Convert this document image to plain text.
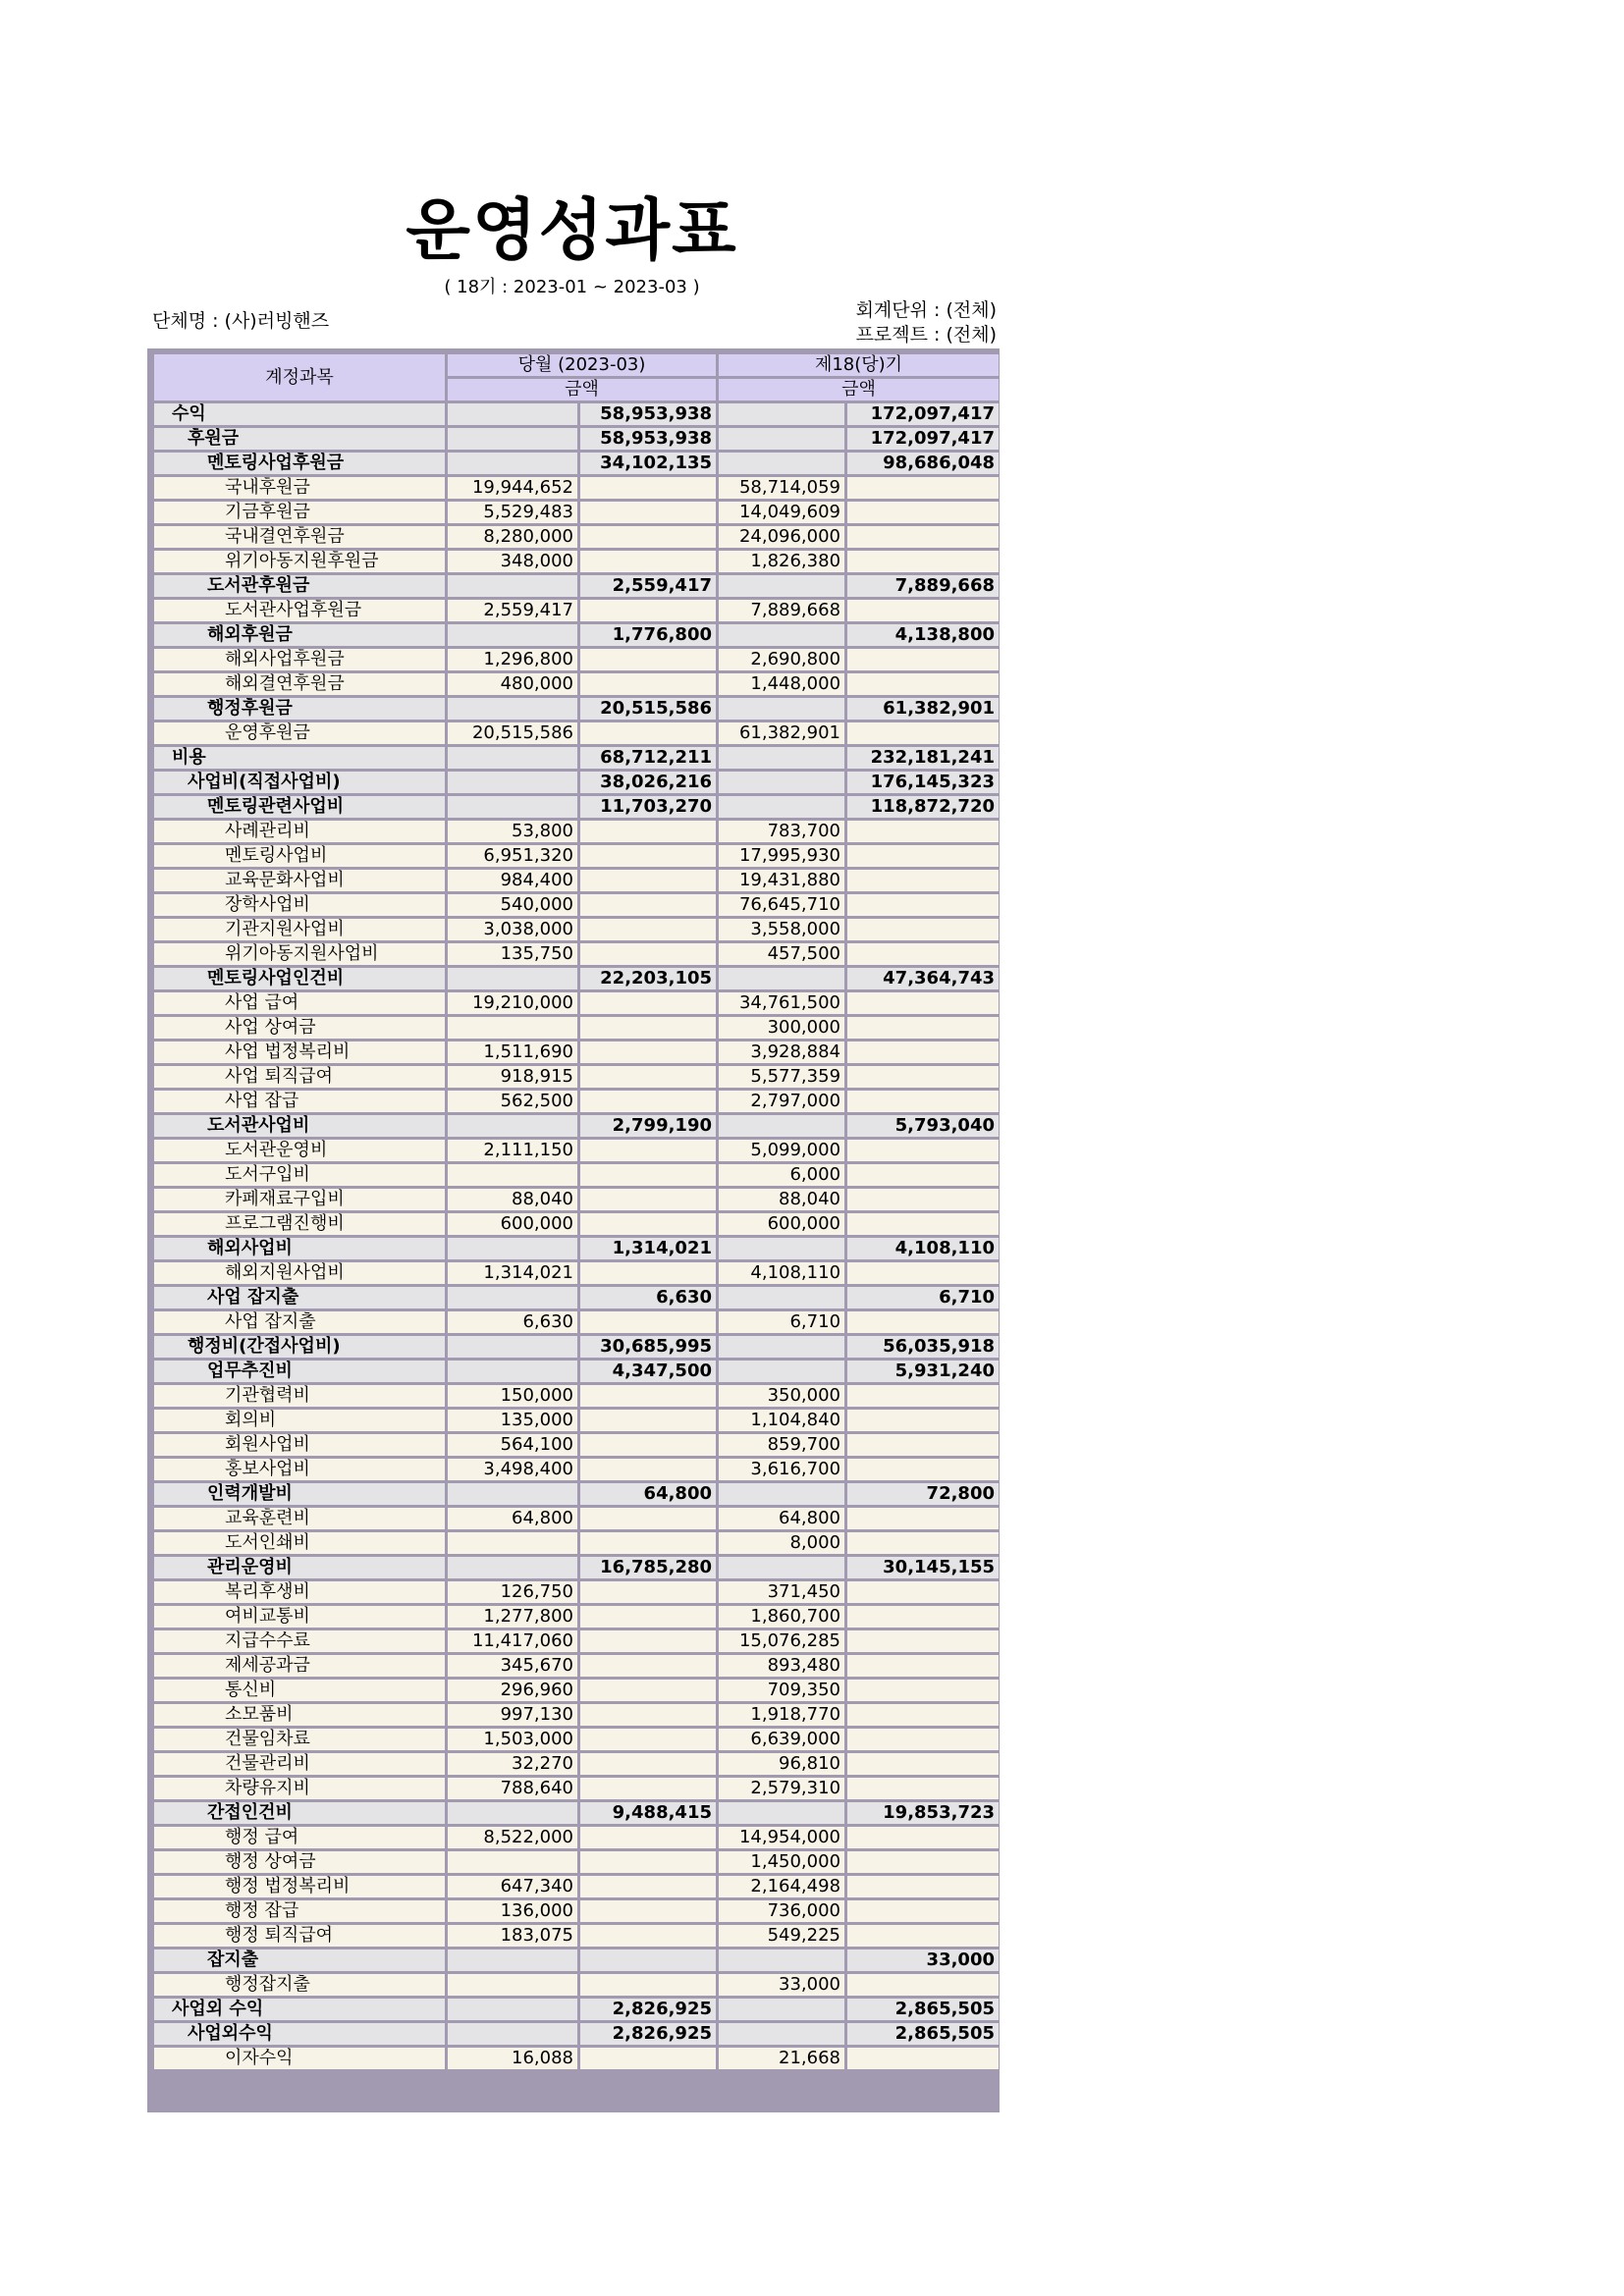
운영성과표
( 18기 : 2023-01 ~ 2023-03 )
단체명 : (사)러빙핸즈	회계단위 : (전체)
프로젝트 : (전체)
계정과목	당월 (2023-03)		제18(당)기	
	금액		금액	
수익		58,953,938		172,097,417
후원금		58,953,938		172,097,417
멘토링사업후원금		34,102,135		98,686,048
국내후원금	19,944,652		58,714,059	
기금후원금	5,529,483		14,049,609	
국내결연후원금	8,280,000		24,096,000	
위기아동지원후원금	348,000		1,826,380	
도서관후원금		2,559,417		7,889,668
도서관사업후원금	2,559,417		7,889,668	
해외후원금		1,776,800		4,138,800
해외사업후원금	1,296,800		2,690,800	
해외결연후원금	480,000		1,448,000	
행정후원금		20,515,586		61,382,901
운영후원금	20,515,586		61,382,901	
비용		68,712,211		232,181,241
사업비(직접사업비)		38,026,216		176,145,323
멘토링관련사업비		11,703,270		118,872,720
사례관리비	53,800		783,700	
멘토링사업비	6,951,320		17,995,930	
교육문화사업비	984,400		19,431,880	
장학사업비	540,000		76,645,710	
기관지원사업비	3,038,000		3,558,000	
위기아동지원사업비	135,750		457,500	
멘토링사업인건비		22,203,105		47,364,743
사업 급여	19,210,000		34,761,500	
사업 상여금			300,000	
사업 법정복리비	1,511,690		3,928,884	
사업 퇴직급여	918,915		5,577,359	
사업 잡급	562,500		2,797,000	
도서관사업비		2,799,190		5,793,040
도서관운영비	2,111,150		5,099,000	
도서구입비			6,000	
카페재료구입비	88,040		88,040	
프로그램진행비	600,000		600,000	
해외사업비		1,314,021		4,108,110
해외지원사업비	1,314,021		4,108,110	
사업 잡지출		6,630		6,710
사업 잡지출	6,630		6,710	
행정비(간접사업비)		30,685,995		56,035,918
업무추진비		4,347,500		5,931,240
기관협력비	150,000		350,000	
회의비	135,000		1,104,840	
회원사업비	564,100		859,700	
홍보사업비	3,498,400		3,616,700	
인력개발비		64,800		72,800
교육훈련비	64,800		64,800	
도서인쇄비			8,000	
관리운영비		16,785,280		30,145,155
복리후생비	126,750		371,450	
여비교통비	1,277,800		1,860,700	
지급수수료	11,417,060		15,076,285	
제세공과금	345,670		893,480	
통신비	296,960		709,350	
소모품비	997,130		1,918,770	
건물임차료	1,503,000		6,639,000	
건물관리비	32,270		96,810	
차량유지비	788,640		2,579,310	
간접인건비		9,488,415		19,853,723
행정 급여	8,522,000		14,954,000	
행정 상여금			1,450,000	
행정 법정복리비	647,340		2,164,498	
행정 잡급	136,000		736,000	
행정 퇴직급여	183,075		549,225	
잡지출				33,000
행정잡지출			33,000	
사업외 수익		2,826,925		2,865,505
사업외수익		2,826,925		2,865,505
이자수익	16,088		21,668	
